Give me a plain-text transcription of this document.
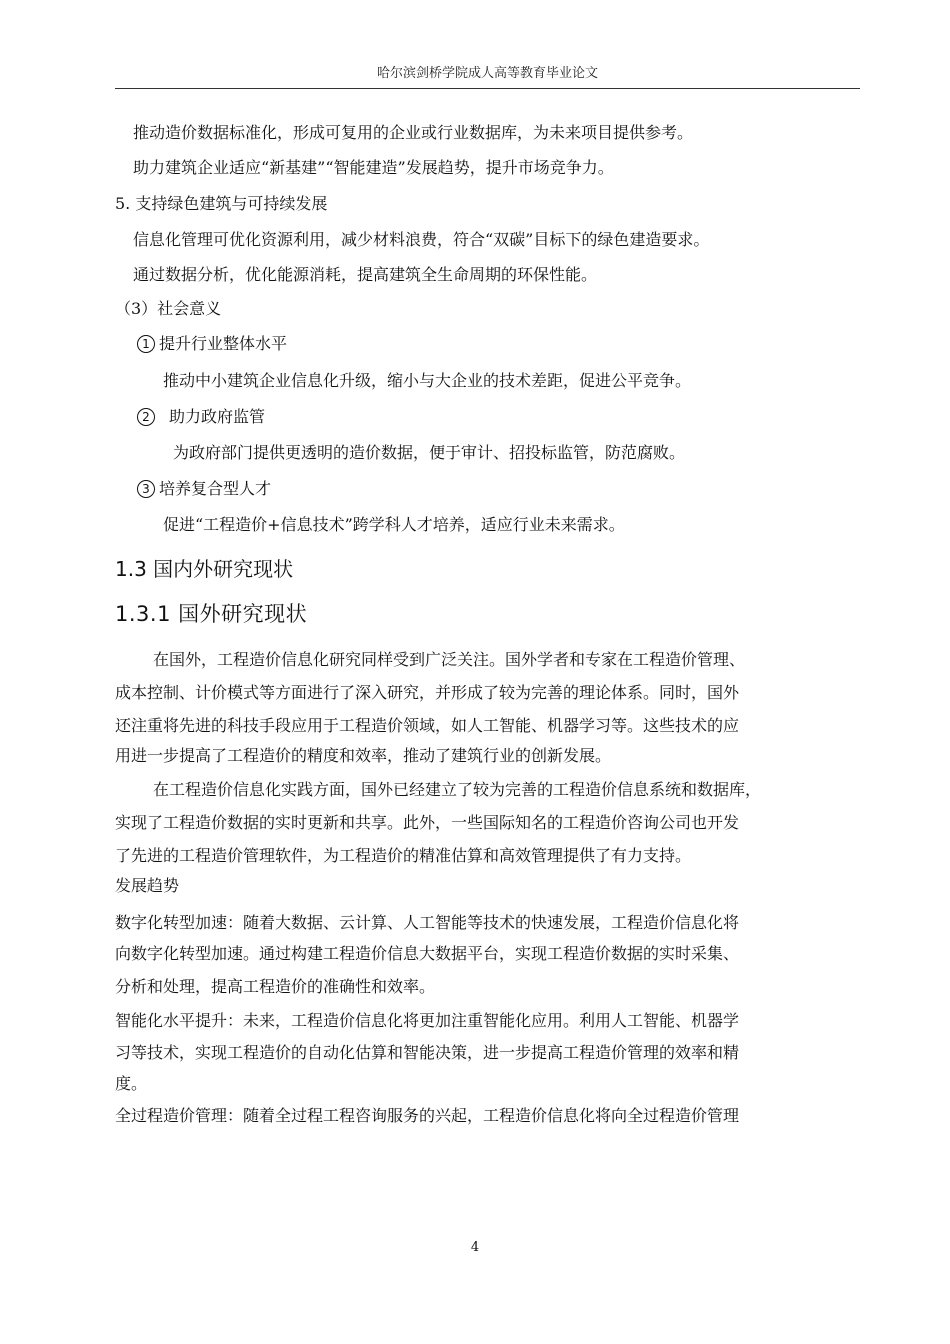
哈尔滨剑桥学院成人高等教育毕业论文
推动造价数据标准化，形成可复用的企业或行业数据库，为未来项目提供参考。
助力建筑企业适应“新基建”“智能建造”发展趋势，提升市场竞争力。
5. 支持绿色建筑与可持续发展
信息化管理可优化资源利用，减少材料浪费，符合“双碳”目标下的绿色建造要求。
通过数据分析，优化能源消耗，提高建筑全生命周期的环保性能。
（3）社会意义
1 提升行业整体水平
推动中小建筑企业信息化升级，缩小与大企业的技术差距，促进公平竞争。
2 助力政府监管
为政府部门提供更透明的造价数据，便于审计、招投标监管，防范腐败。
3 培养复合型人才
促进“工程造价+信息技术”跨学科人才培养，适应行业未来需求。
1.3 国内外研究现状
1.3.1 国外研究现状
在国外，工程造价信息化研究同样受到广泛关注。国外学者和专家在工程造价管理、
成本控制、计价模式等方面进行了深入研究，并形成了较为完善的理论体系。同时，国外
还注重将先进的科技手段应用于工程造价领域，如人工智能、机器学习等。这些技术的应
用进一步提高了工程造价的精度和效率，推动了建筑行业的创新发展。
在工程造价信息化实践方面，国外已经建立了较为完善的工程造价信息系统和数据库，
实现了工程造价数据的实时更新和共享。此外，一些国际知名的工程造价咨询公司也开发
了先进的工程造价管理软件，为工程造价的精准估算和高效管理提供了有力支持。
发展趋势
数字化转型加速：随着大数据、云计算、人工智能等技术的快速发展，工程造价信息化将
向数字化转型加速。通过构建工程造价信息大数据平台，实现工程造价数据的实时采集、
分析和处理，提高工程造价的准确性和效率。
智能化水平提升：未来，工程造价信息化将更加注重智能化应用。利用人工智能、机器学
习等技术，实现工程造价的自动化估算和智能决策，进一步提高工程造价管理的效率和精
度。
全过程造价管理：随着全过程工程咨询服务的兴起，工程造价信息化将向全过程造价管理
4
